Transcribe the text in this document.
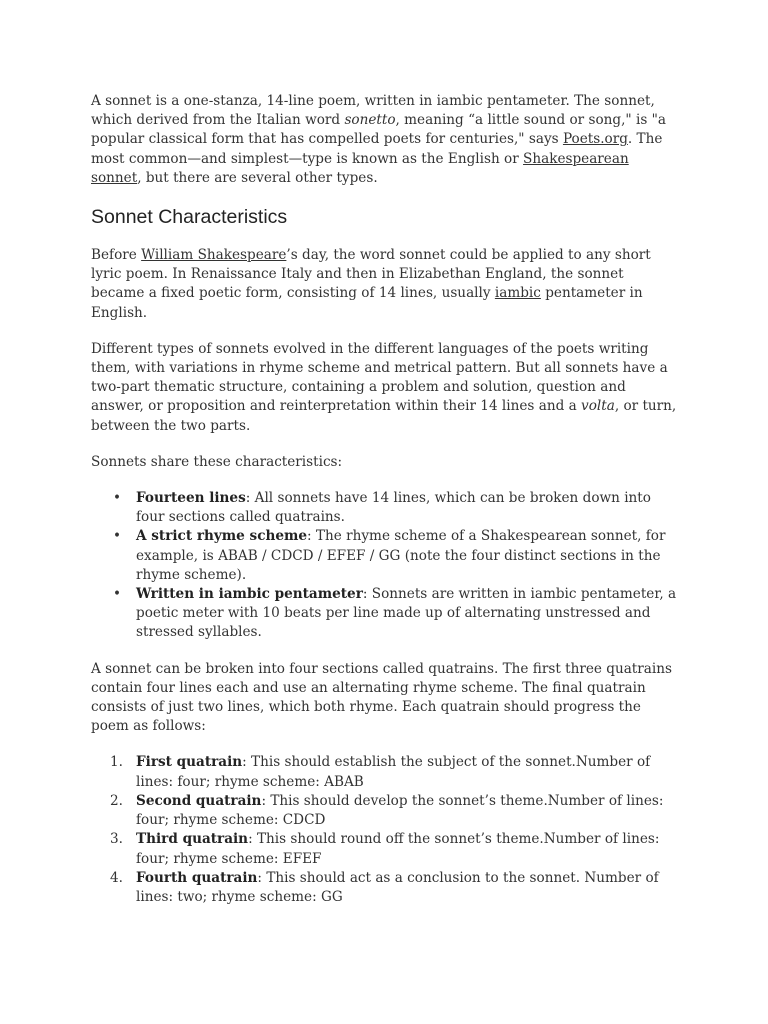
A sonnet is a one-stanza, 14-line poem, written in iambic pentameter. The sonnet, which derived from the Italian word sonetto, meaning “a little sound or song," is "a popular classical form that has compelled poets for centuries," says Poets.org. The most common—and simplest—type is known as the English or Shakespearean sonnet, but there are several other types.

Sonnet Characteristics

Before William Shakespeare’s day, the word sonnet could be applied to any short lyric poem. In Renaissance Italy and then in Elizabethan England, the sonnet became a fixed poetic form, consisting of 14 lines, usually iambic pentameter in English.

Different types of sonnets evolved in the different languages of the poets writing them, with variations in rhyme scheme and metrical pattern. But all sonnets have a two-part thematic structure, containing a problem and solution, question and answer, or proposition and reinterpretation within their 14 lines and a volta, or turn, between the two parts.

Sonnets share these characteristics:

• Fourteen lines: All sonnets have 14 lines, which can be broken down into four sections called quatrains.
• A strict rhyme scheme: The rhyme scheme of a Shakespearean sonnet, for example, is ABAB / CDCD / EFEF / GG (note the four distinct sections in the rhyme scheme).
• Written in iambic pentameter: Sonnets are written in iambic pentameter, a poetic meter with 10 beats per line made up of alternating unstressed and stressed syllables.

A sonnet can be broken into four sections called quatrains. The first three quatrains contain four lines each and use an alternating rhyme scheme. The final quatrain consists of just two lines, which both rhyme. Each quatrain should progress the poem as follows:

1. First quatrain: This should establish the subject of the sonnet.Number of lines: four; rhyme scheme: ABAB
2. Second quatrain: This should develop the sonnet’s theme.Number of lines: four; rhyme scheme: CDCD
3. Third quatrain: This should round off the sonnet’s theme.Number of lines: four; rhyme scheme: EFEF
4. Fourth quatrain: This should act as a conclusion to the sonnet. Number of lines: two; rhyme scheme: GG
